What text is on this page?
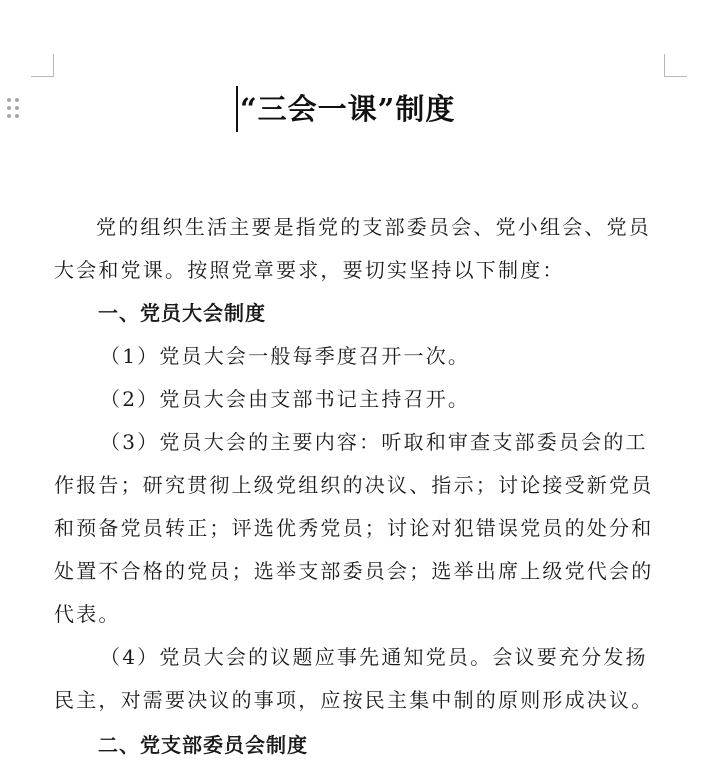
“三会一课”制度

党的组织生活主要是指党的支部委员会、党小组会、党员大会和党课。按照党章要求，要切实坚持以下制度：

一、党员大会制度

（1）党员大会一般每季度召开一次。

（2）党员大会由支部书记主持召开。

（3）党员大会的主要内容：听取和审查支部委员会的工作报告；研究贯彻上级党组织的决议、指示；讨论接受新党员和预备党员转正；评选优秀党员；讨论对犯错误党员的处分和处置不合格的党员；选举支部委员会；选举出席上级党代会的代表。

（4）党员大会的议题应事先通知党员。会议要充分发扬民主，对需要决议的事项，应按民主集中制的原则形成决议。

二、党支部委员会制度
